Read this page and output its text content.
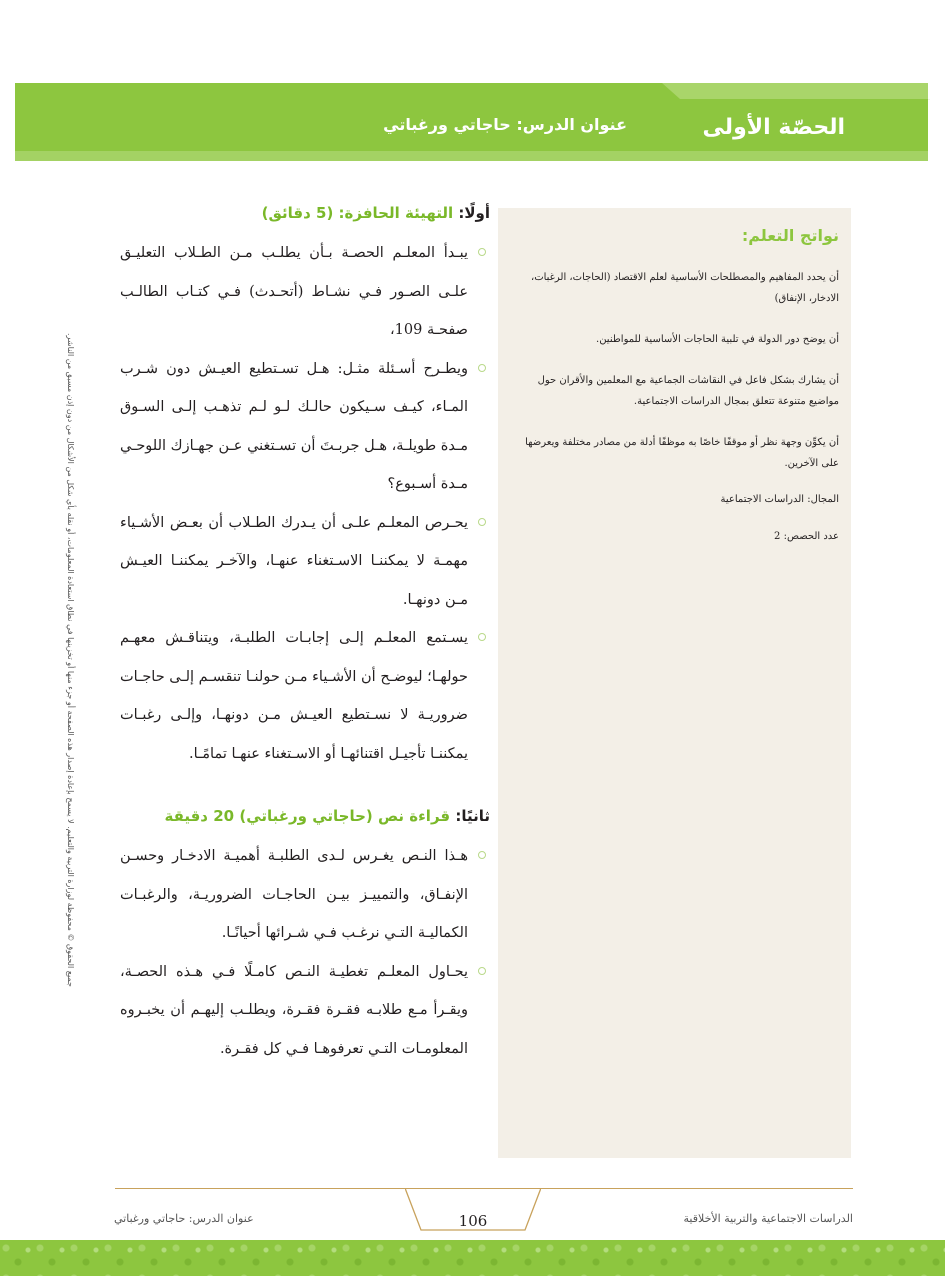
الحصّة الأولى
عنوان الدرس: حاجاتي ورغباتي
جميع الحقوق © محفوظة لوزارة التربية والتعليم. لا يسمح بإعادة إصدار هذه الصفحة أو جزء منها أو تخزينها في نطاق استعادة المعلومات، أو نقله بأي شكل من الأشكال من دون إذن مسبق من الناشر.
أولًا: التهيئة الحافزة: (5 دقائق)
يبـدأ المعلـم الحصـة بـأن يطلـب مـن الطـلاب التعليـق علـى الصـور فـي نشـاط (أتحـدث) فـي كتـاب الطالـب صفحـة 109،
ويطـرح أسـئلة مثـل: هـل تسـتطيع العيـش دون شـرب المـاء، كيـف سـيكون حالـك لـو لـم تذهـب إلـى السـوق مـدة طويلـة، هـل جربـتَ أن تسـتغني عـن جهـازك اللوحـي مـدة أسـبوع؟
يحـرص المعلـم علـى أن يـدرك الطـلاب أن بعـض الأشـياء مهمـة لا يمكننـا الاسـتغناء عنهـا، والآخـر يمكننـا العيـش مـن دونهـا.
يسـتمع المعلـم إلـى إجابـات الطلبـة، ويتناقـش معهـم حولهـا؛ ليوضـح أن الأشـياء مـن حولنـا تنقسـم إلـى حاجـات ضروريـة لا نسـتطيع العيـش مـن دونهـا، وإلـى رغبـات يمكننـا تأجيـل اقتنائهـا أو الاسـتغناء عنهـا تمامًـا.
ثانيًا: قراءة نص (حاجاتي ورغباتي) 20 دقيقة
هـذا النـص يغـرس لـدى الطلبـة أهميـة الادخـار وحسـن الإنفـاق، والتمييـز بيـن الحاجـات الضروريـة، والرغبـات الكماليـة التـي نرغـب فـي شـرائها أحيانًـا.
يحـاول المعلـم تغطيـة النـص كامـلًا فـي هـذه الحصـة، ويقـرأ مـع طلابـه فقـرة فقـرة، ويطلـب إليهـم أن يخبـروه المعلومـات التـي تعرفوهـا فـي كل فقـرة.
نواتج التعلم:
أن يحدد المفاهيم والمصطلحات الأساسية لعلم الاقتصاد (الحاجات، الرغبات، الادخار، الإنفاق)
أن يوضح دور الدولة في تلبية الحاجات الأساسية للمواطنين.
أن يشارك بشكل فاعل في النقاشات الجماعية مع المعلمين والأقران حول مواضيع متنوعة تتعلق بمجال الدراسات الاجتماعية.
أن يكوِّن وجهة نظر أو موقفًا خاصًا به موظفًا أدلة من مصادر مختلفة ويعرضها على الآخرين.
المجال: الدراسات الاجتماعية
عدد الحصص: 2
عنوان الدرس: حاجاتي ورغباتي	106	الدراسات الاجتماعية والتربية الأخلاقية
